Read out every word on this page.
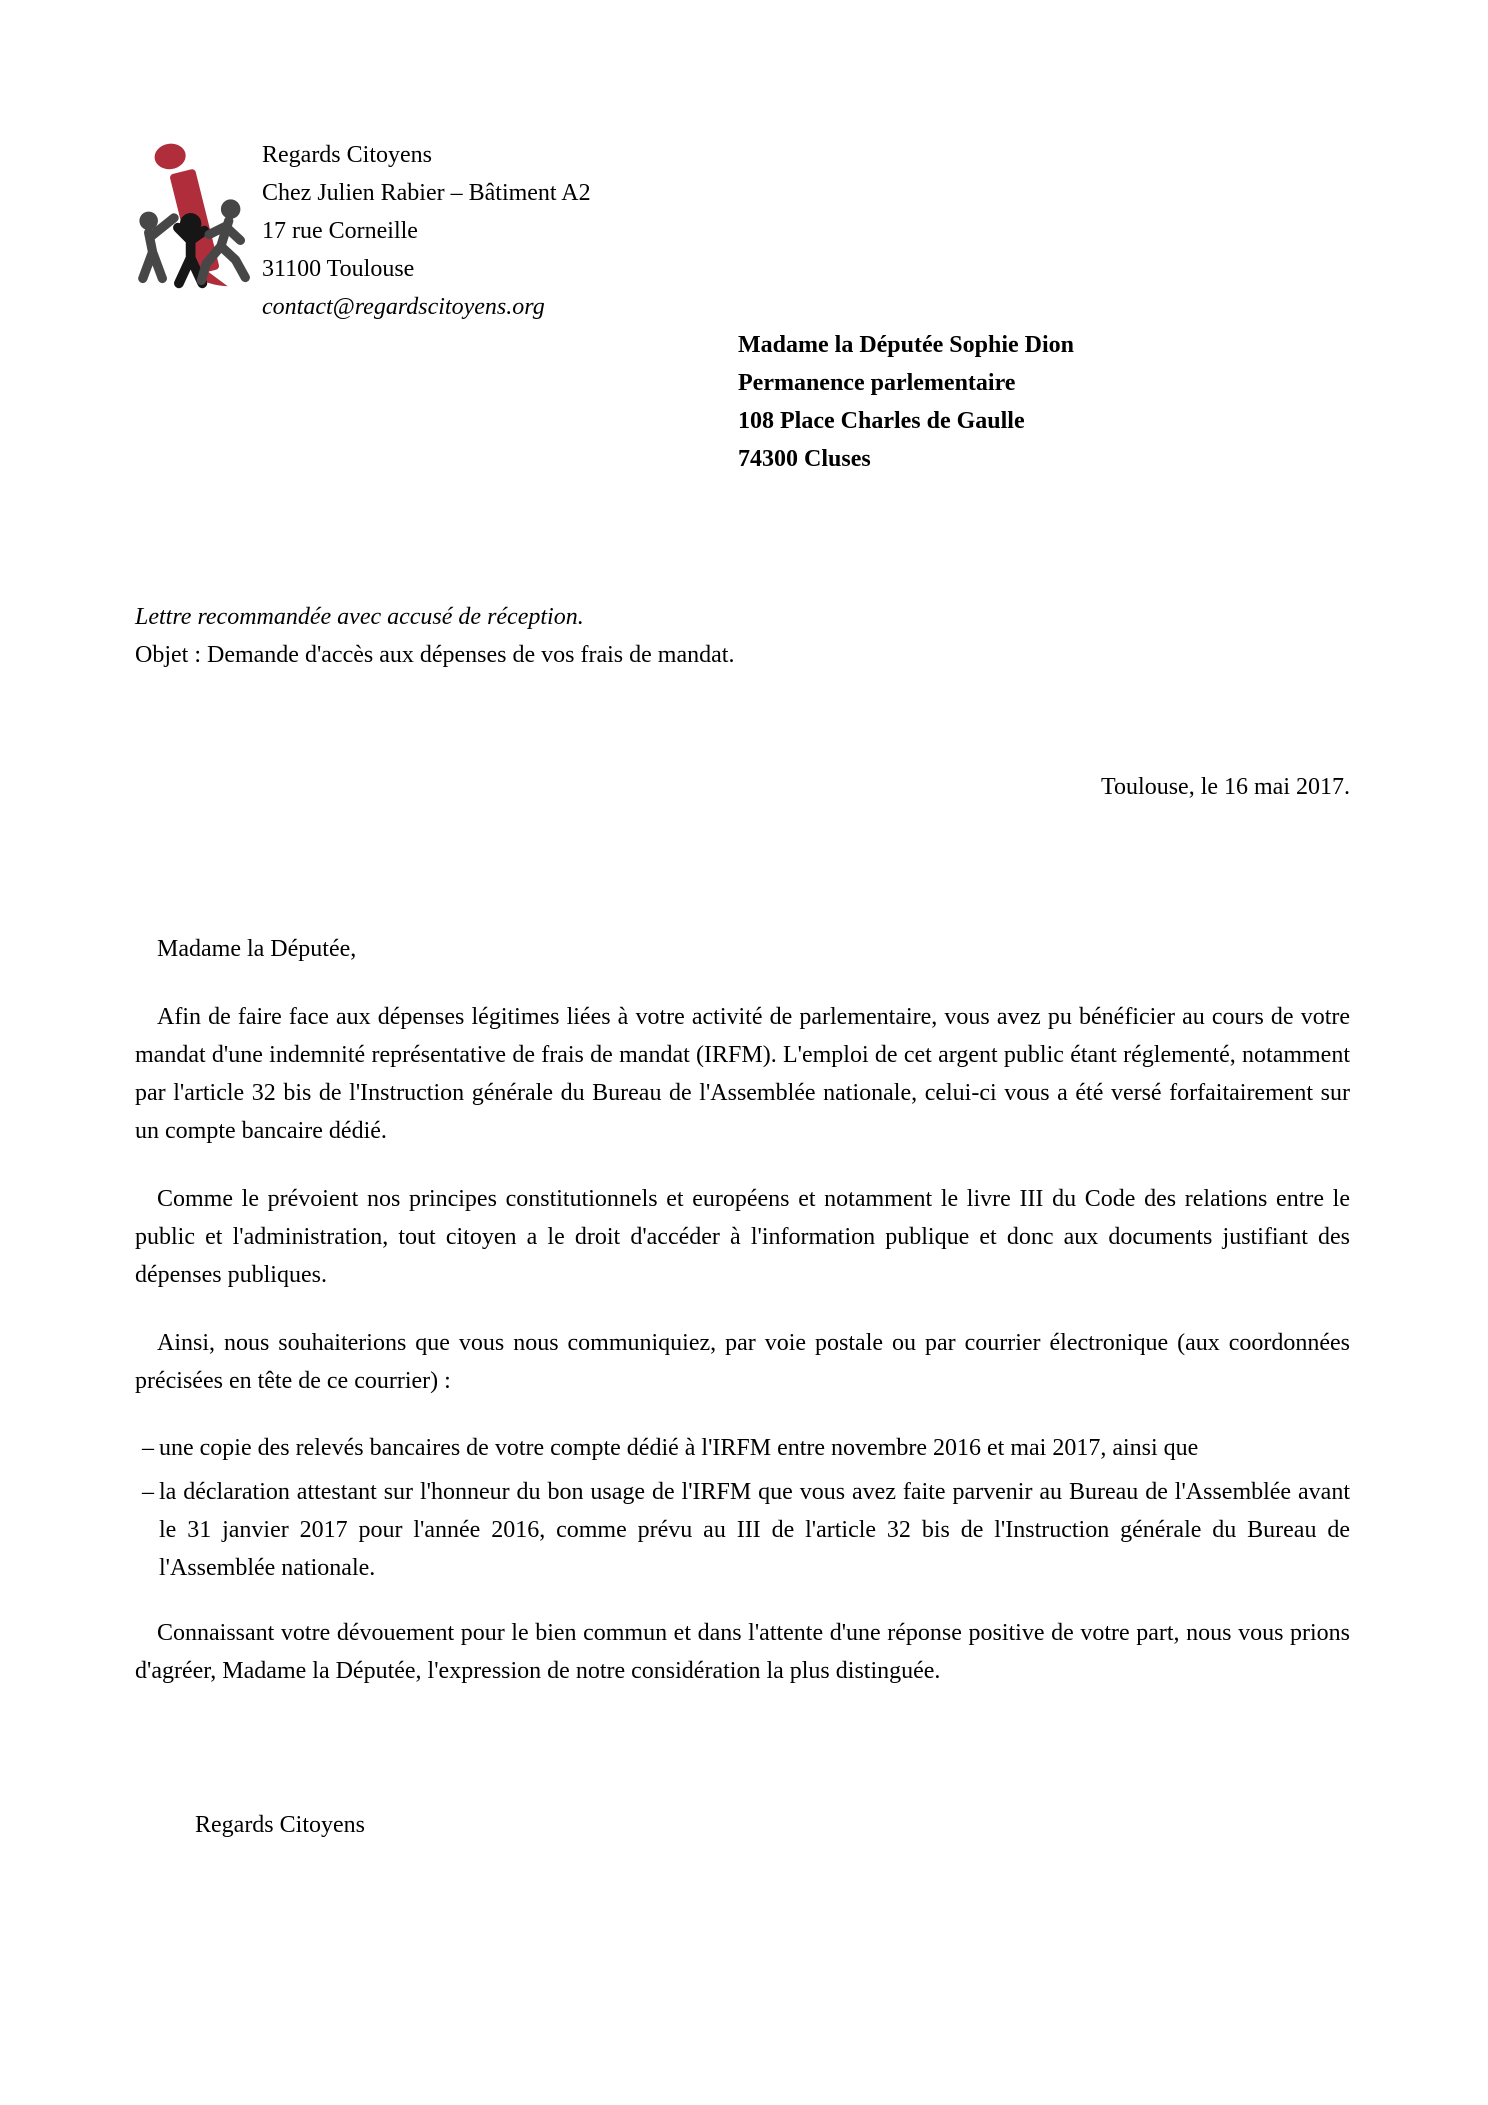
Regards Citoyens
Chez Julien Rabier – Bâtiment A2
17 rue Corneille
31100 Toulouse
contact@regardscitoyens.org
Madame la Députée Sophie Dion
Permanence parlementaire
108 Place Charles de Gaulle
74300 Cluses
Lettre recommandée avec accusé de réception.
Objet : Demande d'accès aux dépenses de vos frais de mandat.
Toulouse, le 16 mai 2017.
Madame la Députée,

Afin de faire face aux dépenses légitimes liées à votre activité de parlementaire, vous avez pu bénéficier au cours de votre mandat d'une indemnité représentative de frais de mandat (IRFM). L'emploi de cet argent public étant réglementé, notamment par l'article 32 bis de l'Instruction générale du Bureau de l'Assemblée nationale, celui-ci vous a été versé forfaitairement sur un compte bancaire dédié.

Comme le prévoient nos principes constitutionnels et européens et notamment le livre III du Code des relations entre le public et l'administration, tout citoyen a le droit d'accéder à l'information publique et donc aux documents justifiant des dépenses publiques.

Ainsi, nous souhaiterions que vous nous communiquiez, par voie postale ou par courrier électronique (aux coordonnées précisées en tête de ce courrier) :

– une copie des relevés bancaires de votre compte dédié à l'IRFM entre novembre 2016 et mai 2017, ainsi que
– la déclaration attestant sur l'honneur du bon usage de l'IRFM que vous avez faite parvenir au Bureau de l'Assemblée avant le 31 janvier 2017 pour l'année 2016, comme prévu au III de l'article 32 bis de l'Instruction générale du Bureau de l'Assemblée nationale.

Connaissant votre dévouement pour le bien commun et dans l'attente d'une réponse positive de votre part, nous vous prions d'agréer, Madame la Députée, l'expression de notre considération la plus distinguée.

Regards Citoyens
